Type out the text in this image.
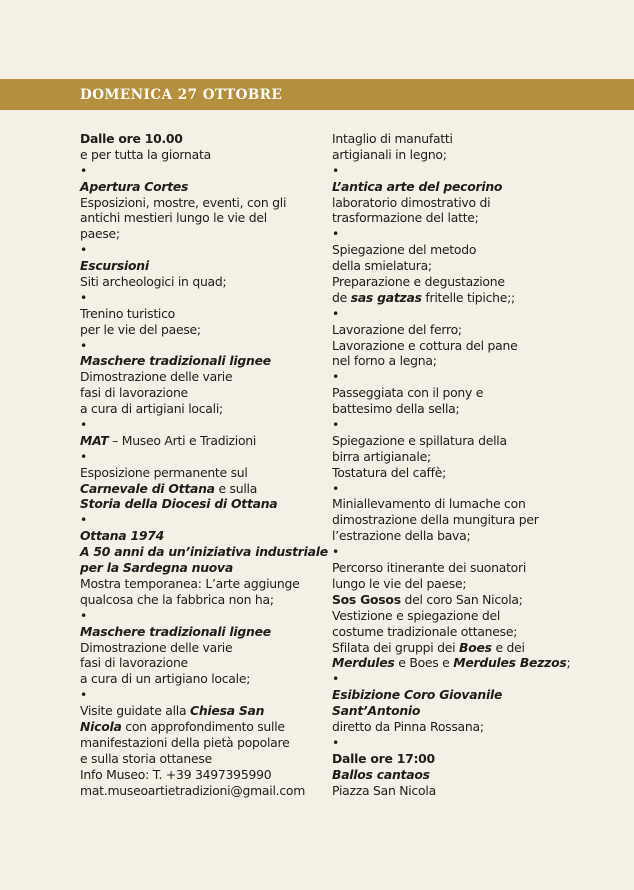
DOMENICA 27 OTTOBRE
Dalle ore 10.00
e per tutta la giornata
•
Apertura Cortes
Esposizioni, mostre, eventi, con gli
antichi mestieri lungo le vie del
paese;
•
Escursioni
Siti archeologici in quad;
•
Trenino turistico
per le vie del paese;
•
Maschere tradizionali lignee
Dimostrazione delle varie
fasi di lavorazione
a cura di artigiani locali;
•
MAT – Museo Arti e Tradizioni
•
Esposizione permanente sul
Carnevale di Ottana e sulla
Storia della Diocesi di Ottana
•
Ottana 1974
A 50 anni da un’iniziativa industriale
per la Sardegna nuova
Mostra temporanea: L’arte aggiunge
qualcosa che la fabbrica non ha;
•
Maschere tradizionali lignee
Dimostrazione delle varie
fasi di lavorazione
a cura di un artigiano locale;
•
Visite guidate alla Chiesa San
Nicola con approfondimento sulle
manifestazioni della pietà popolare
e sulla storia ottanese
Info Museo: T. +39 3497395990
mat.museoartietradizioni@gmail.com
Intaglio di manufatti
artigianali in legno;
•
L’antica arte del pecorino
laboratorio dimostrativo di
trasformazione del latte;
•
Spiegazione del metodo
della smielatura;
Preparazione e degustazione
de sas gatzas fritelle tipiche;;
•
Lavorazione del ferro;
Lavorazione e cottura del pane
nel forno a legna;
•
Passeggiata con il pony e
battesimo della sella;
•
Spiegazione e spillatura della
birra artigianale;
Tostatura del caffè;
•
Miniallevamento di lumache con
dimostrazione della mungitura per
l’estrazione della bava;
•
Percorso itinerante dei suonatori
lungo le vie del paese;
Sos Gosos del coro San Nicola;
Vestizione e spiegazione del
costume tradizionale ottanese;
Sfilata dei gruppi dei Boes e dei
Merdules e Boes e Merdules Bezzos;
•
Esibizione Coro Giovanile
Sant’Antonio
diretto da Pinna Rossana;
•
Dalle ore 17:00
Ballos cantaos
Piazza San Nicola
